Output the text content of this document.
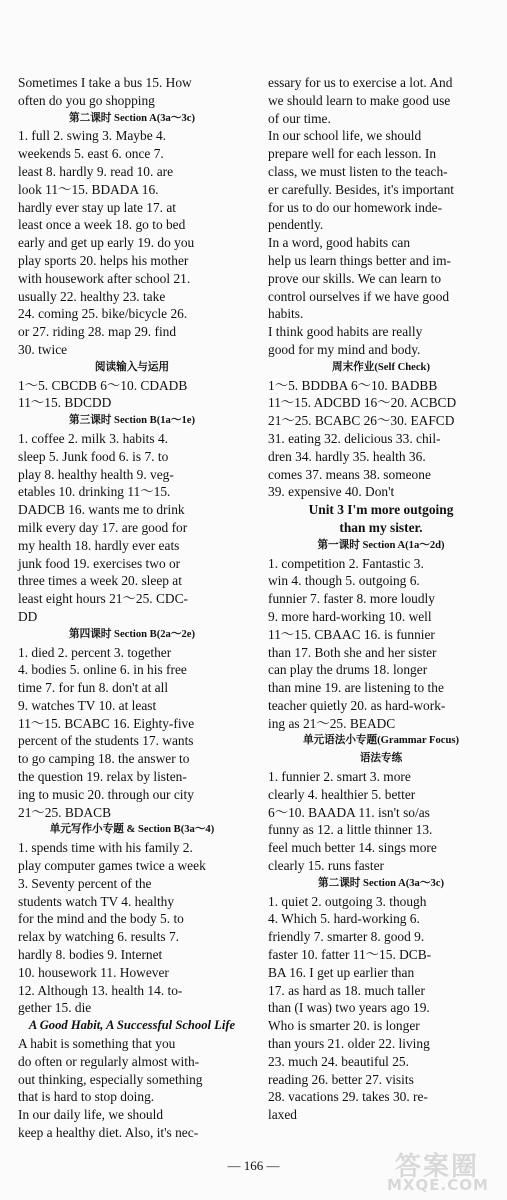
Sometimes I take a bus 15. How

often do you go shopping

第二课时 Section A(3a～3c)

1. full 2. swing 3. Maybe 4.

weekends 5. east 6. once 7.

least 8. hardly 9. read 10. are

look 11～15. BDADA 16.

hardly ever stay up late 17. at

least once a week 18. go to bed

early and get up early 19. do you

play sports 20. helps his mother

with housework after school 21.

usually 22. healthy 23. take

24. coming 25. bike/bicycle 26.

or 27. riding 28. map 29. find

30. twice

阅读输入与运用

1～5. CBCDB 6～10. CDADB

11～15. BDCDD

第三课时 Section B(1a～1e)

1. coffee 2. milk 3. habits 4.

sleep 5. Junk food 6. is 7. to

play 8. healthy health 9. veg-

etables 10. drinking 11～15.

DADCB 16. wants me to drink

milk every day 17. are good for

my health 18. hardly ever eats

junk food 19. exercises two or

three times a week 20. sleep at

least eight hours 21～25. CDC-

DD

第四课时 Section B(2a～2e)

1. died 2. percent 3. together

4. bodies 5. online 6. in his free

time 7. for fun 8. don't at all

9. watches TV 10. at least

11～15. BCABC 16. Eighty-five

percent of the students 17. wants

to go camping 18. the answer to

the question 19. relax by listen-

ing to music 20. through our city

21～25. BDACB

单元写作小专题 & Section B(3a～4)

1. spends time with his family 2.

play computer games twice a week

3. Seventy percent of the

students watch TV 4. healthy

for the mind and the body 5. to

relax by watching 6. results 7.

hardly 8. bodies 9. Internet

10. housework 11. However

12. Although 13. health 14. to-

gether 15. die

A Good Habit, A Successful School Life

A habit is something that you

do often or regularly almost with-

out thinking, especially something

that is hard to stop doing.

In our daily life, we should

keep a healthy diet. Also, it's nec-

essary for us to exercise a lot. And

we should learn to make good use

of our time.

In our school life, we should

prepare well for each lesson. In

class, we must listen to the teach-

er carefully. Besides, it's important

for us to do our homework inde-

pendently.

In a word, good habits can

help us learn things better and im-

prove our skills. We can learn to

control ourselves if we have good

habits.

I think good habits are really

good for my mind and body.

周末作业(Self Check)

1～5. BDDBA 6～10. BADBB

11～15. ADCBD 16～20. ACBCD

21～25. BCABC 26～30. EAFCD

31. eating 32. delicious 33. chil-

dren 34. hardly 35. health 36.

comes 37. means 38. someone

39. expensive 40. Don't

Unit 3 I'm more outgoing

than my sister.

第一课时 Section A(1a～2d)

1. competition 2. Fantastic 3.

win 4. though 5. outgoing 6.

funnier 7. faster 8. more loudly

9. more hard-working 10. well

11～15. CBAAC 16. is funnier

than 17. Both she and her sister

can play the drums 18. longer

than mine 19. are listening to the

teacher quietly 20. as hard-work-

ing as 21～25. BEADC

单元语法小专题(Grammar Focus)

语法专练

1. funnier 2. smart 3. more

clearly 4. healthier 5. better

6～10. BAADA 11. isn't so/as

funny as 12. a little thinner 13.

feel much better 14. sings more

clearly 15. runs faster

第二课时 Section A(3a～3c)

1. quiet 2. outgoing 3. though

4. Which 5. hard-working 6.

friendly 7. smarter 8. good 9.

faster 10. fatter 11～15. DCB-

BA 16. I get up earlier than

17. as hard as 18. much taller

than (I was) two years ago 19.

Who is smarter 20. is longer

than yours 21. older 22. living

23. much 24. beautiful 25.

reading 26. better 27. visits

28. vacations 29. takes 30. re-

laxed

— 166 —	答案圈
MXQE.COM
